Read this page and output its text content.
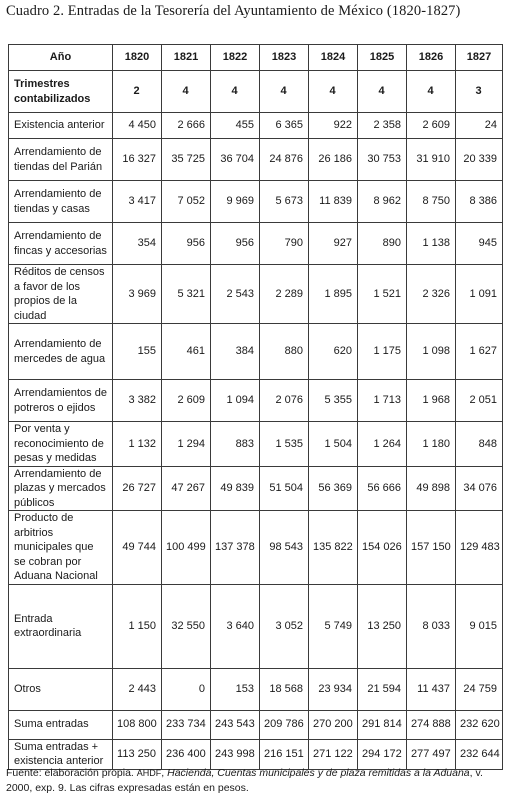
Cuadro 2. Entradas de la Tesorería del Ayuntamiento de México (1820-1827)
Año	1820	1821	1822	1823	1824	1825	1826	1827
Trimestres contabilizados	2	4	4	4	4	4	4	3
Existencia anterior	4 450	2 666	455	6 365	922	2 358	2 609	24
Arrendamiento de tiendas del Parián	16 327	35 725	36 704	24 876	26 186	30 753	31 910	20 339
Arrendamiento de tiendas y casas	3 417	7 052	9 969	5 673	11 839	8 962	8 750	8 386
Arrendamiento de fincas y accesorias	354	956	956	790	927	890	1 138	945
Réditos de censos a favor de los propios de la ciudad	3 969	5 321	2 543	2 289	1 895	1 521	2 326	1 091
Arrendamiento de mercedes de agua	155	461	384	880	620	1 175	1 098	1 627
Arrendamientos de potreros o ejidos	3 382	2 609	1 094	2 076	5 355	1 713	1 968	2 051
Por venta y reconocimiento de pesas y medidas	1 132	1 294	883	1 535	1 504	1 264	1 180	848
Arrendamiento de plazas y mercados públicos	26 727	47 267	49 839	51 504	56 369	56 666	49 898	34 076
Producto de arbitrios municipales que se cobran por Aduana Nacional	49 744	100 499	137 378	98 543	135 822	154 026	157 150	129 483
Entrada extraordinaria	1 150	32 550	3 640	3 052	5 749	13 250	8 033	9 015
Otros	2 443	0	153	18 568	23 934	21 594	11 437	24 759
Suma entradas	108 800	233 734	243 543	209 786	270 200	291 814	274 888	232 620
Suma entradas + existencia anterior	113 250	236 400	243 998	216 151	271 122	294 172	277 497	232 644
Fuente: elaboración propia. AHDF, Hacienda, Cuentas municipales y de plaza remitidas a la Aduana, v. 2000, exp. 9. Las cifras expresadas están en pesos.
